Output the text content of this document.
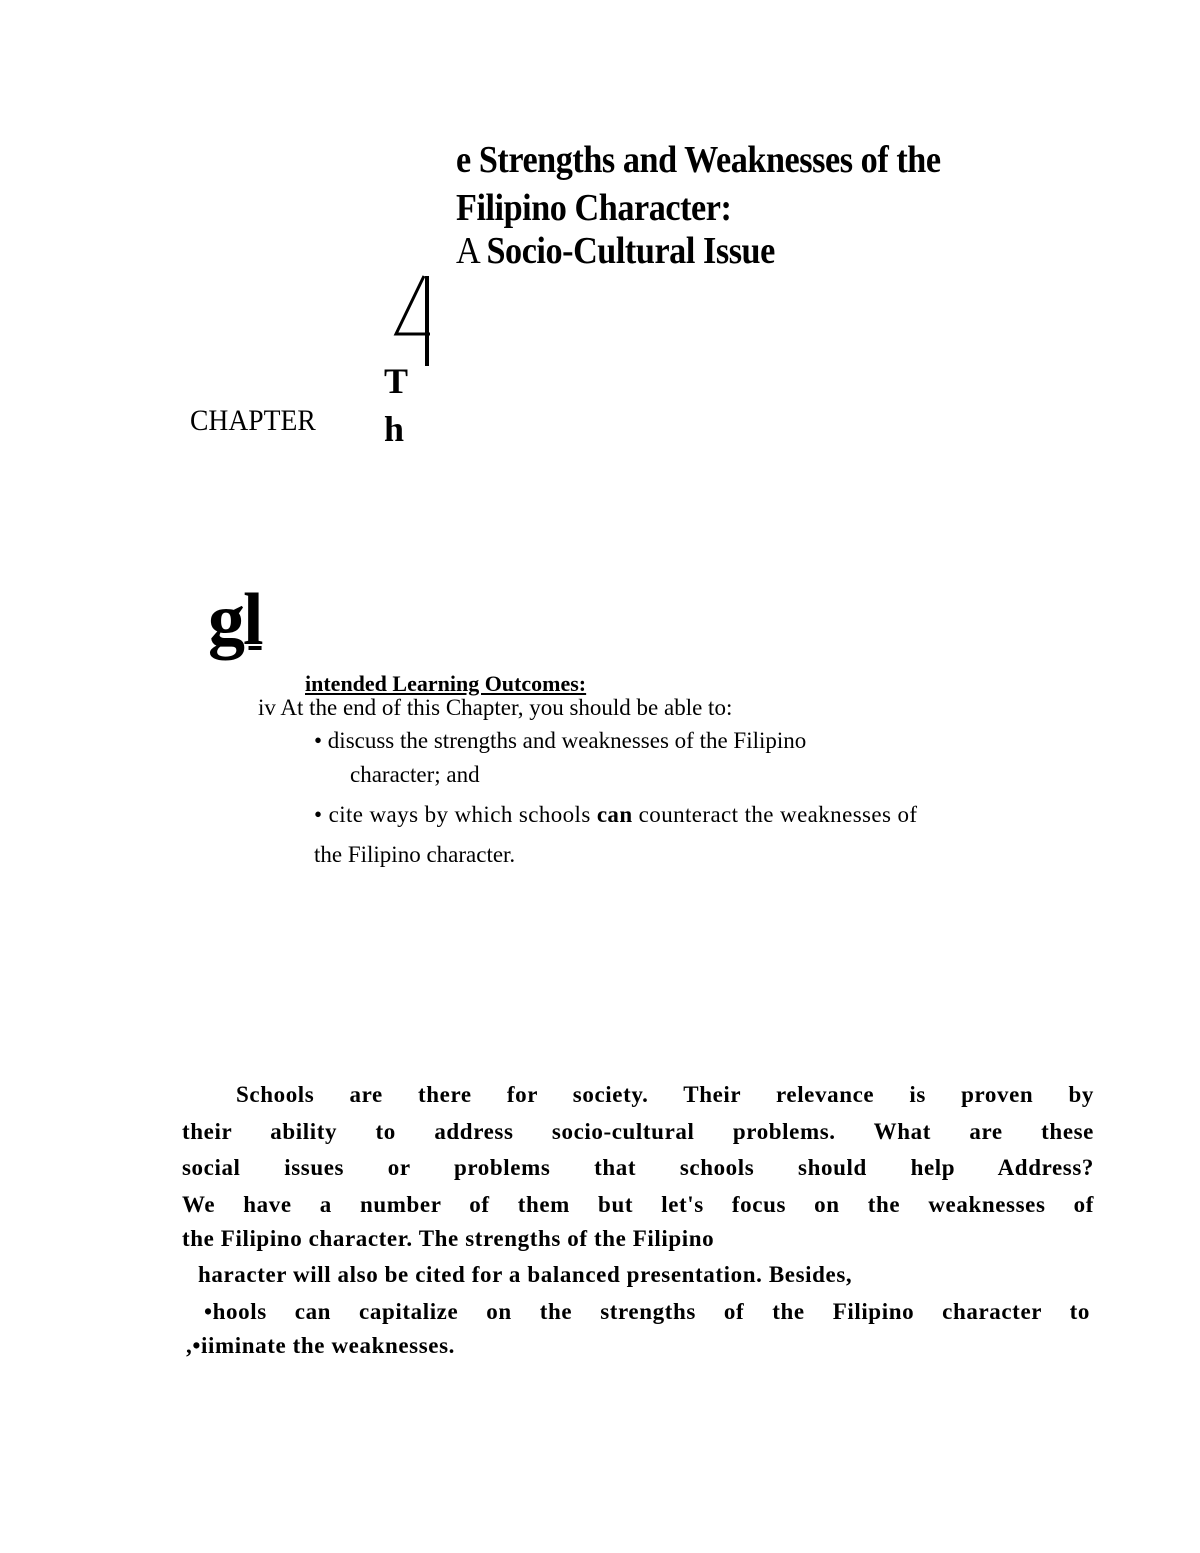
e Strengths and Weaknesses of the
Filipino Character:
A Socio-Cultural Issue
T
h
CHAPTER
gl
intended Learning Outcomes:
iv At the end of this Chapter, you should be able to:
• discuss the strengths and weaknesses of the Filipino
character; and
• cite ways by which schools can counteract the weaknesses of
the Filipino character.
Schools are there for society. Their relevance is proven by
their ability to address socio-cultural problems. What are these
social issues or problems that schools should help Address?
We have a number of them but let's focus on the weaknesses of
the Filipino character. The strengths of the Filipino
haracter will also be cited for a balanced presentation. Besides,
•hools can capitalize on the strengths of the Filipino character to
,•iiminate the weaknesses.
